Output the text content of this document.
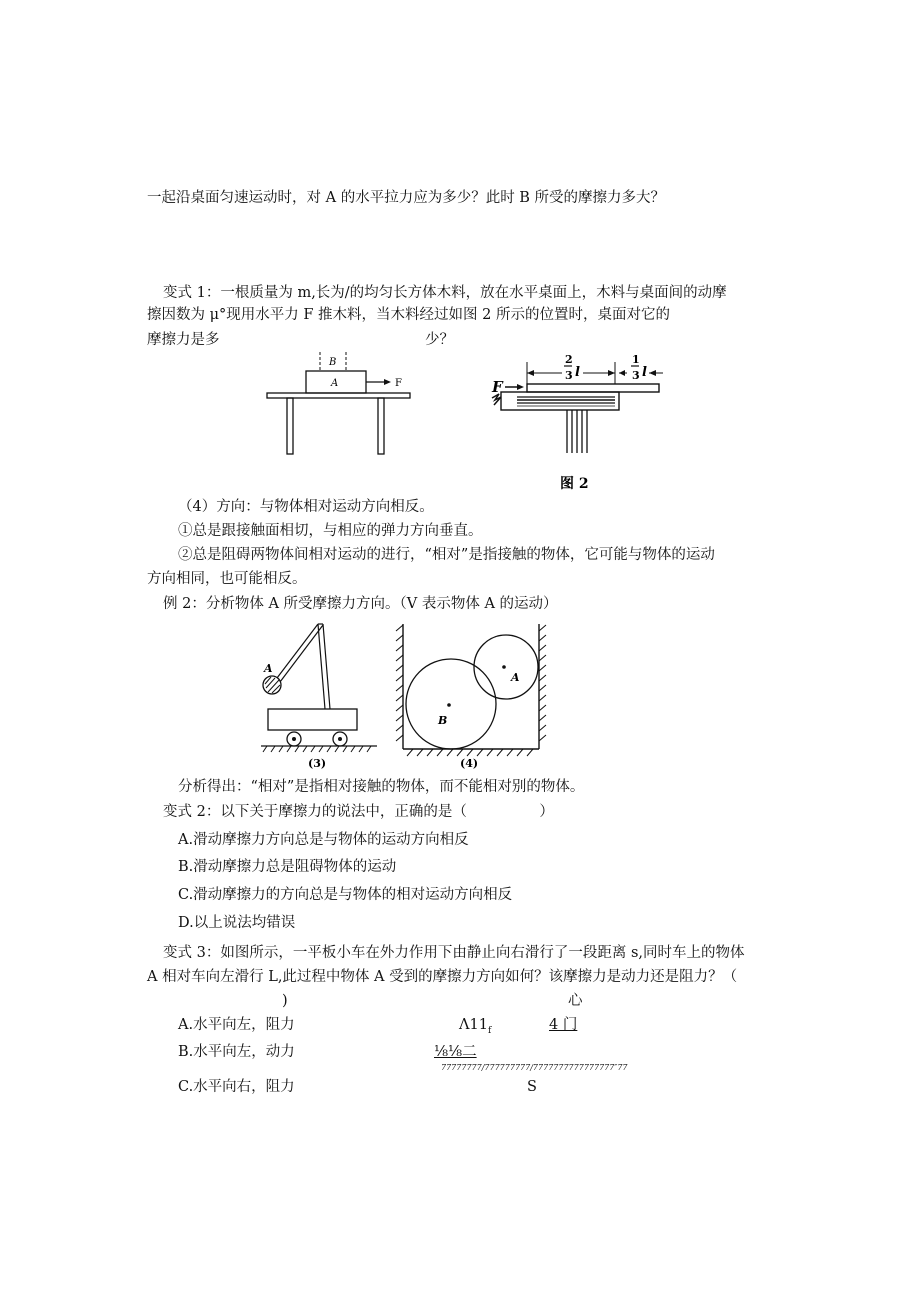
一起沿桌面匀速运动时，对 A 的水平拉力应为多少？此时 B 所受的摩擦力多大？
变式 1：一根质量为 m,长为/的均匀长方体木料，放在水平桌面上，木料与桌面间的动摩
擦因数为 μ°现用水平力 F 推木料，当木料经过如图 2 所示的位置时，桌面对它的
摩擦力是多	少？
B
A	F	F
2
3 l
1
3 l
图 2
（4）方向：与物体相对运动方向相反。
①总是跟接触面相切，与相应的弹力方向垂直。
②总是阻碍两物体间相对运动的进行，“相对”是指接触的物体，它可能与物体的运动
方向相同，也可能相反。
例 2：分析物体 A 所受摩擦力方向。（V 表示物体 A 的运动）
A
(3)
B
A
(4)
分析得出：“相对”是指相对接触的物体，而不能相对别的物体。
变式 2：以下关于摩擦力的说法中，正确的是（　　　　　）
A.滑动摩擦力方向总是与物体的运动方向相反
B.滑动摩擦力总是阻碍物体的运动
C.滑动摩擦力的方向总是与物体的相对运动方向相反
D.以上说法均错误
变式 3：如图所示，一平板小车在外力作用下由静止向右滑行了一段距离 s,同时车上的物体
A 相对车向左滑行 L,此过程中物体 A 受到的摩擦力方向如何？该摩擦力是动力还是阻力？（
)	心
A.水平向左，阻力	$\Lambda 11_f$	4 门
B.水平向左，动力	⅛⅛二
77777777/777777777/7777777777777777″77
C.水平向右，阻力	S
